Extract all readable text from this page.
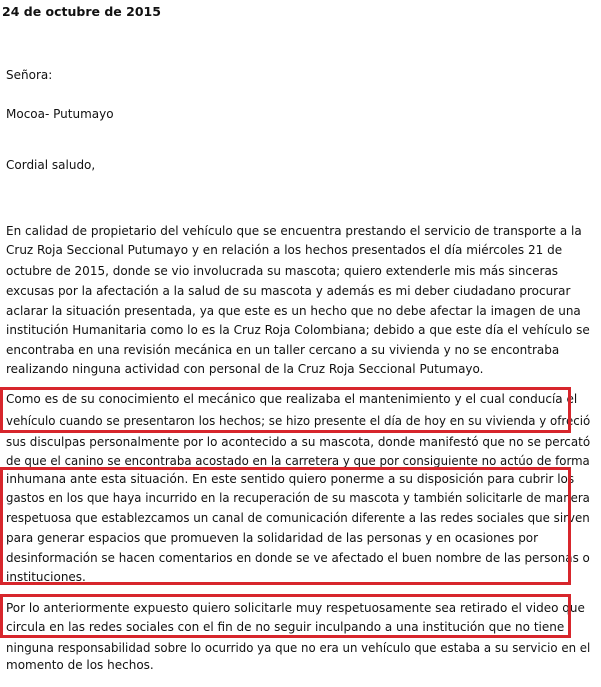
24 de octubre de 2015

Señora:

Mocoa- Putumayo

Cordial saludo,

En calidad de propietario del vehículo que se encuentra prestando el servicio de transporte a la

Cruz Roja Seccional Putumayo y en relación a los hechos presentados el día miércoles 21 de

octubre de 2015, donde se vio involucrada su mascota; quiero extenderle mis más sinceras

excusas por la afectación a la salud de su mascota y además es mi deber ciudadano procurar

aclarar la situación presentada, ya que este es un hecho que no debe afectar la imagen de una

institución Humanitaria como lo es la Cruz Roja Colombiana; debido a que este día el vehículo se

encontraba en una revisión mecánica en un taller cercano a su vivienda y no se encontraba

realizando ninguna actividad con personal de la Cruz Roja Seccional Putumayo.

Como es de su conocimiento el mecánico que realizaba el mantenimiento y el cual conducía el

vehículo cuando se presentaron los hechos; se hizo presente el día de hoy en su vivienda y ofreció

sus disculpas personalmente por lo acontecido a su mascota, donde manifestó que no se percató

de que el canino se encontraba acostado en la carretera y que por consiguiente no actúo de forma

inhumana ante esta situación. En este sentido quiero ponerme a su disposición para cubrir los

gastos en los que haya incurrido en la recuperación de su mascota y también solicitarle de manera

respetuosa que establezcamos un canal de comunicación diferente a las redes sociales que sirven

para generar espacios que promueven la solidaridad de las personas y en ocasiones por

desinformación se hacen comentarios en donde se ve afectado el buen nombre de las personas o

instituciones.

Por lo anteriormente expuesto quiero solicitarle muy respetuosamente sea retirado el video que

circula en las redes sociales con el fin de no seguir inculpando a una institución que no tiene

ninguna responsabilidad sobre lo ocurrido ya que no era un vehículo que estaba a su servicio en el

momento de los hechos.
